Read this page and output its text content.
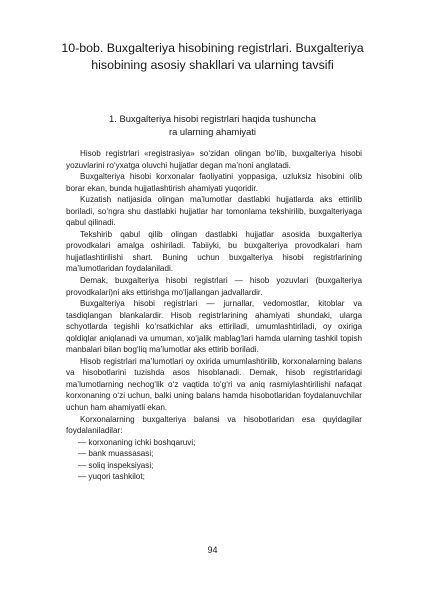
10-bob. Buxgalteriya hisobining registrlari. Buxgalteriya hisobining asosiy shakllari va ularning tavsifi
1. Buxgalteriya hisobi registrlari haqida tushuncha
ra ularning ahamiyati

Hisob registrlari «registrasiya» so‘zidan olingan bo‘lib, buxgalteriya hisobi yozuvlarini ro‘yxatga oluvchi hujjatlar degan ma’noni anglatadi.

Buxgalteriya hisobi korxonalar faoliyatini yoppasiga, uzluksiz hisobini olib borar ekan, bunda hujjatlashtirish ahamiyati yuqoridir.

Kuzatish natijasida olingan ma’lumotlar dastlabki hujjatlarda aks ettirilib boriladi, so‘ngra shu dastlabki hujjatlar har tomonlama tekshirilib, buxgalteriyaga qabul qilinadi.

Tekshirib qabul qilib olingan dastlabki hujjatlar asosida buxgalteriya provodkalari amalga oshiriladi. Tabiiyki, bu buxgalteriya provodkalari ham hujjatlashtirilishi shart. Buning uchun buxgalteriya hisobi registrlarining ma’lumotlaridan foydalaniladi.

Demak, buxgalteriya hisobi registrlari — hisob yozuvlari (buxgalteriya provodkalari)ni aks ettirishga mo‘ljallangan jadvallardir.

Buxgalteriya hisobi registrlari — jurnallar, vedomostlar, kitoblar va tasdiqlangan blankalardir. Hisob registrlarining ahamiyati shundaki, ularga schyotlarda tegishli ko‘rsatkichlar aks ettiriladi, umumlashtiriladi, oy oxiriga qoldiqlar aniqlanadi va umuman, xo‘jalik mablag‘lari hamda ularning tashkil topish manbalari bilan bog‘liq ma’lumotlar aks ettirib boriladi.

Hisob registrlari ma’lumotlari oy oxirida umumlashtirilib, korxonalarning balans va hisobotlarini tuzishda asos hisoblanadi. Demak, hisob registrlaridagi ma’lumotlarning nechog‘lik o‘z vaqtida to‘g‘ri va aniq rasmiylashtirilishi nafaqat korxonaning o‘zi uchun, balki uning balans hamda hisobotlaridan foydalanuvchilar uchun ham ahamiyatli ekan.

Korxonalarning buxgalteriya balansi va hisobotlaridan esa quyidagilar foydalaniladilar:

— korxonaning ichki boshqaruvi;
— bank muassasasi;
— soliq inspeksiyasi;
— yuqori tashkilot;
94
